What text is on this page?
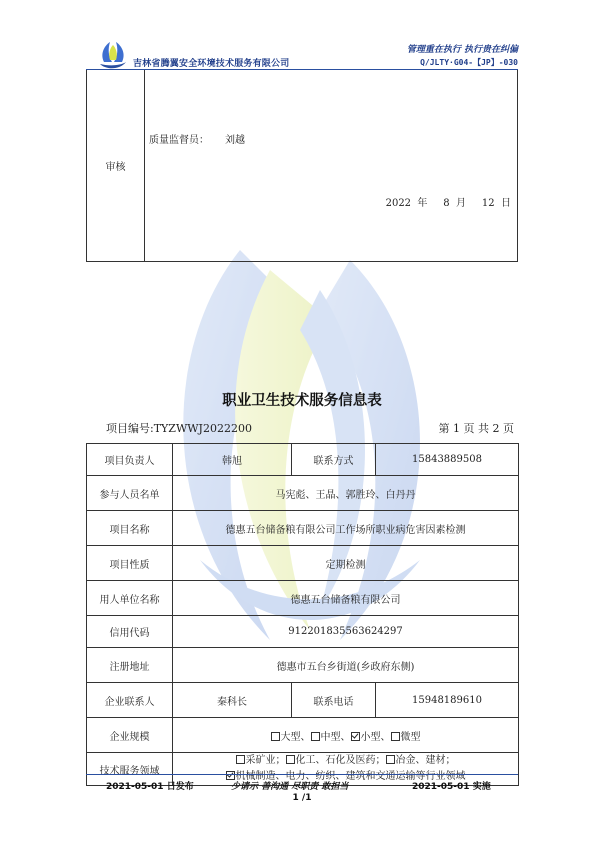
吉林省腾翼安全环境技术服务有限公司
管理重在执行 执行贵在纠偏
Q/JLTY·G04-【JP】-030
审核
质量监督员： 刘越
2022  年     8  月     12  日
职业卫生技术服务信息表
项目编号:TYZWWJ2022200	第 1 页 共 2 页
项目负责人	韩旭	联系方式	15843889508
参与人员名单	马宪彪、王晶、郭胜玲、白丹丹		
项目名称	德惠五台储备粮有限公司工作场所职业病危害因素检测		
项目性质	定期检测		
用人单位名称	德惠五台储备粮有限公司		
信用代码	912201835563624297		
注册地址	德惠市五台乡街道(乡政府东侧)		
企业联系人	秦科长	联系电话	15948189610
企业规模	大型、 中型、 小型、 微型		
技术服务领域	采矿业； 化工、石化及医药； 冶金、建材；
机械制造、电力、纺织、建筑和交通运输等行业领域		
2021-05-01 日发布	少请示 善沟通 尽职责 敢担当	2021-05-01 实施
1 /1
